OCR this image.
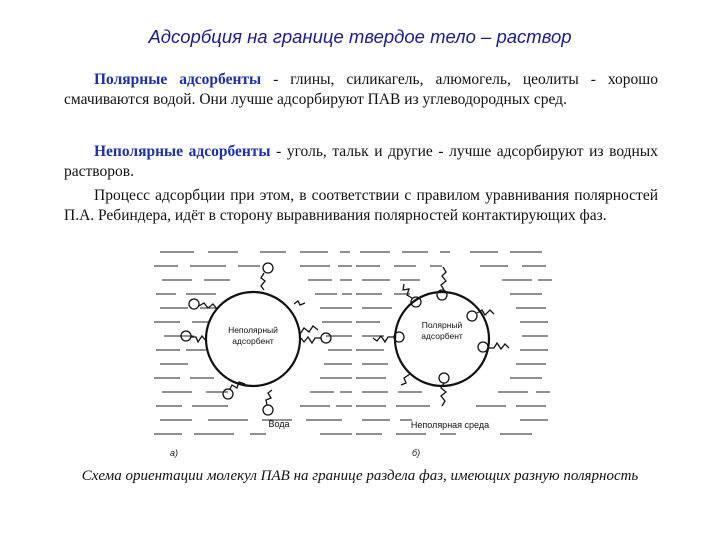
Адсорбция на границе твердое тело – раствор
Полярные адсорбенты - глины, силикагель, алюмогель, цеолиты - хорошо смачиваются водой. Они лучше адсорбируют ПАВ из углеводородных сред.
Неполярные адсорбенты - уголь, тальк и другие - лучше адсорбируют из водных растворов.
Процесс адсорбции при этом, в соответствии с правилом уравнивания полярностей П.А. Ребиндера, идёт в сторону выравнивания полярностей контактирующих фаз.
Неполярный
адсорбент
Вода
а)
Полярный
адсорбент
Неполярная среда
б)
Схема ориентации молекул ПАВ на границе раздела фаз, имеющих разную полярность
